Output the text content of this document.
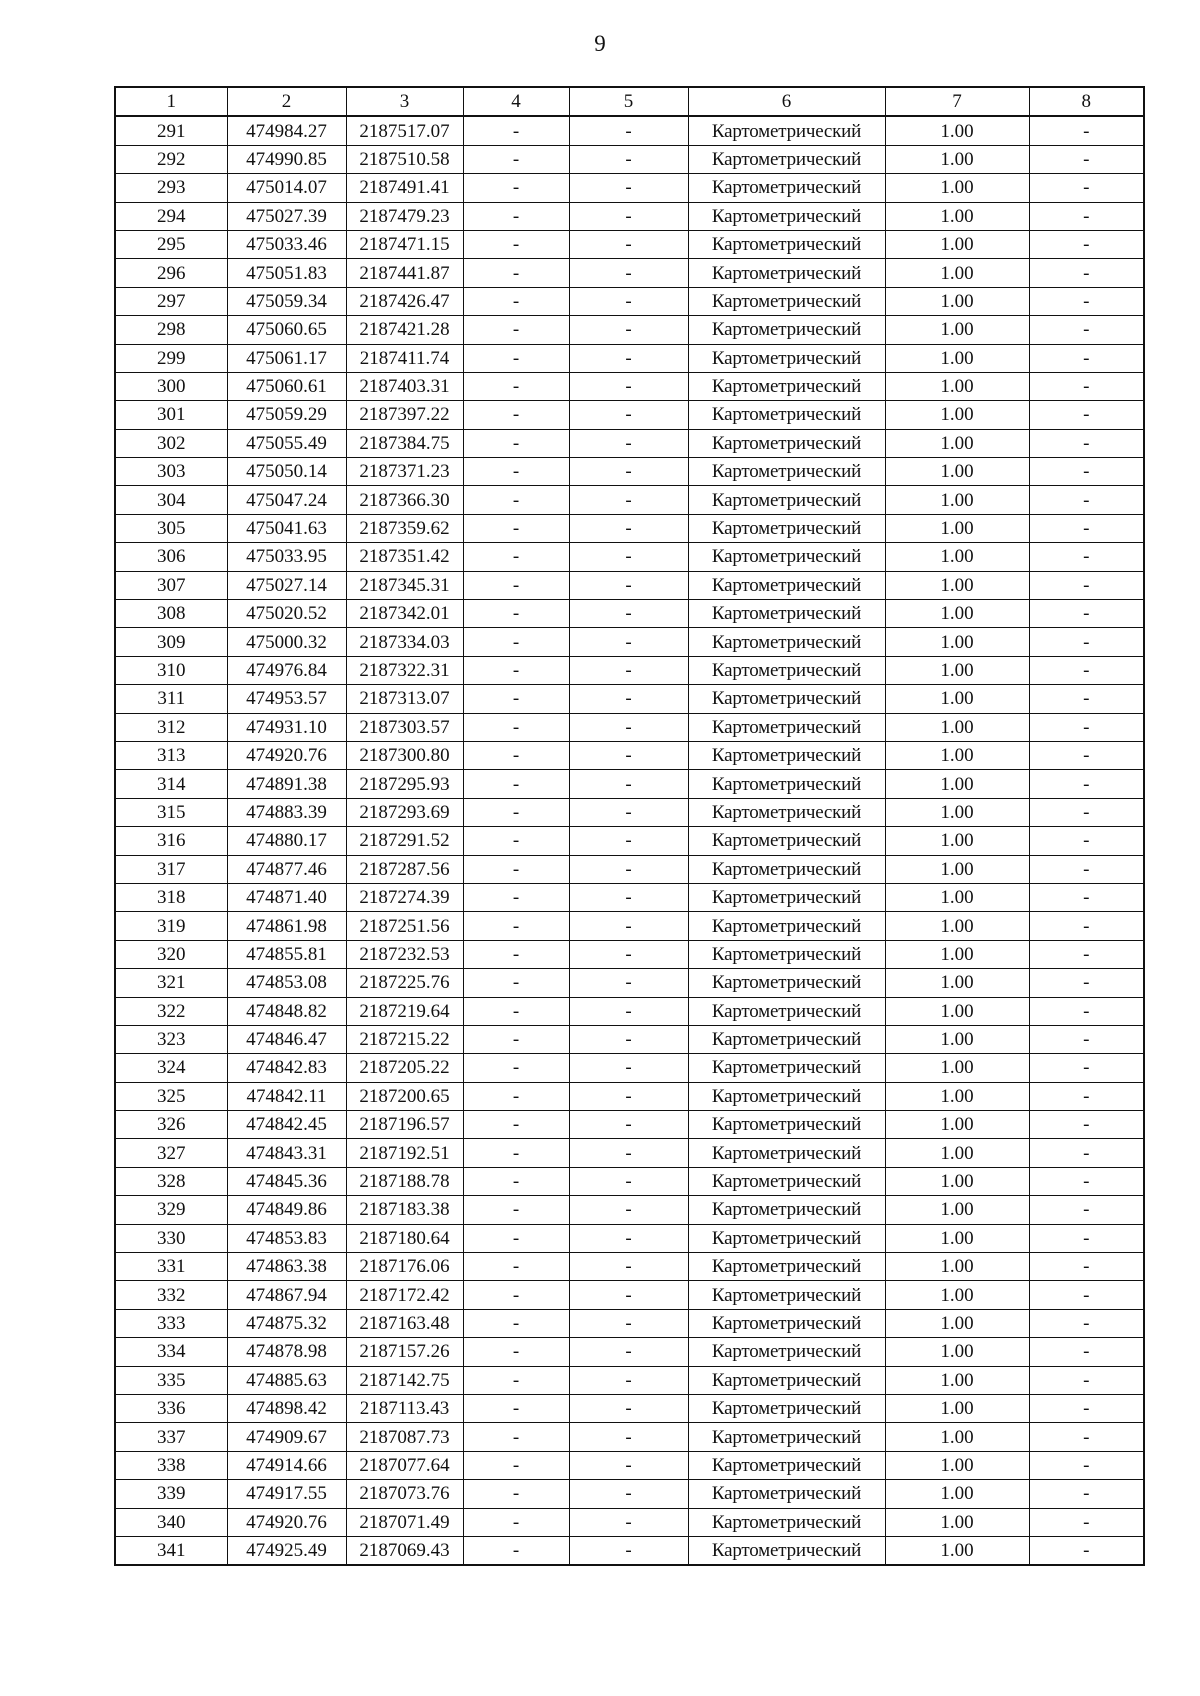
9
1	2	3	4	5	6	7	8
291	474984.27	2187517.07	-	-	Картометрический	1.00	-
292	474990.85	2187510.58	-	-	Картометрический	1.00	-
293	475014.07	2187491.41	-	-	Картометрический	1.00	-
294	475027.39	2187479.23	-	-	Картометрический	1.00	-
295	475033.46	2187471.15	-	-	Картометрический	1.00	-
296	475051.83	2187441.87	-	-	Картометрический	1.00	-
297	475059.34	2187426.47	-	-	Картометрический	1.00	-
298	475060.65	2187421.28	-	-	Картометрический	1.00	-
299	475061.17	2187411.74	-	-	Картометрический	1.00	-
300	475060.61	2187403.31	-	-	Картометрический	1.00	-
301	475059.29	2187397.22	-	-	Картометрический	1.00	-
302	475055.49	2187384.75	-	-	Картометрический	1.00	-
303	475050.14	2187371.23	-	-	Картометрический	1.00	-
304	475047.24	2187366.30	-	-	Картометрический	1.00	-
305	475041.63	2187359.62	-	-	Картометрический	1.00	-
306	475033.95	2187351.42	-	-	Картометрический	1.00	-
307	475027.14	2187345.31	-	-	Картометрический	1.00	-
308	475020.52	2187342.01	-	-	Картометрический	1.00	-
309	475000.32	2187334.03	-	-	Картометрический	1.00	-
310	474976.84	2187322.31	-	-	Картометрический	1.00	-
311	474953.57	2187313.07	-	-	Картометрический	1.00	-
312	474931.10	2187303.57	-	-	Картометрический	1.00	-
313	474920.76	2187300.80	-	-	Картометрический	1.00	-
314	474891.38	2187295.93	-	-	Картометрический	1.00	-
315	474883.39	2187293.69	-	-	Картометрический	1.00	-
316	474880.17	2187291.52	-	-	Картометрический	1.00	-
317	474877.46	2187287.56	-	-	Картометрический	1.00	-
318	474871.40	2187274.39	-	-	Картометрический	1.00	-
319	474861.98	2187251.56	-	-	Картометрический	1.00	-
320	474855.81	2187232.53	-	-	Картометрический	1.00	-
321	474853.08	2187225.76	-	-	Картометрический	1.00	-
322	474848.82	2187219.64	-	-	Картометрический	1.00	-
323	474846.47	2187215.22	-	-	Картометрический	1.00	-
324	474842.83	2187205.22	-	-	Картометрический	1.00	-
325	474842.11	2187200.65	-	-	Картометрический	1.00	-
326	474842.45	2187196.57	-	-	Картометрический	1.00	-
327	474843.31	2187192.51	-	-	Картометрический	1.00	-
328	474845.36	2187188.78	-	-	Картометрический	1.00	-
329	474849.86	2187183.38	-	-	Картометрический	1.00	-
330	474853.83	2187180.64	-	-	Картометрический	1.00	-
331	474863.38	2187176.06	-	-	Картометрический	1.00	-
332	474867.94	2187172.42	-	-	Картометрический	1.00	-
333	474875.32	2187163.48	-	-	Картометрический	1.00	-
334	474878.98	2187157.26	-	-	Картометрический	1.00	-
335	474885.63	2187142.75	-	-	Картометрический	1.00	-
336	474898.42	2187113.43	-	-	Картометрический	1.00	-
337	474909.67	2187087.73	-	-	Картометрический	1.00	-
338	474914.66	2187077.64	-	-	Картометрический	1.00	-
339	474917.55	2187073.76	-	-	Картометрический	1.00	-
340	474920.76	2187071.49	-	-	Картометрический	1.00	-
341	474925.49	2187069.43	-	-	Картометрический	1.00	-
